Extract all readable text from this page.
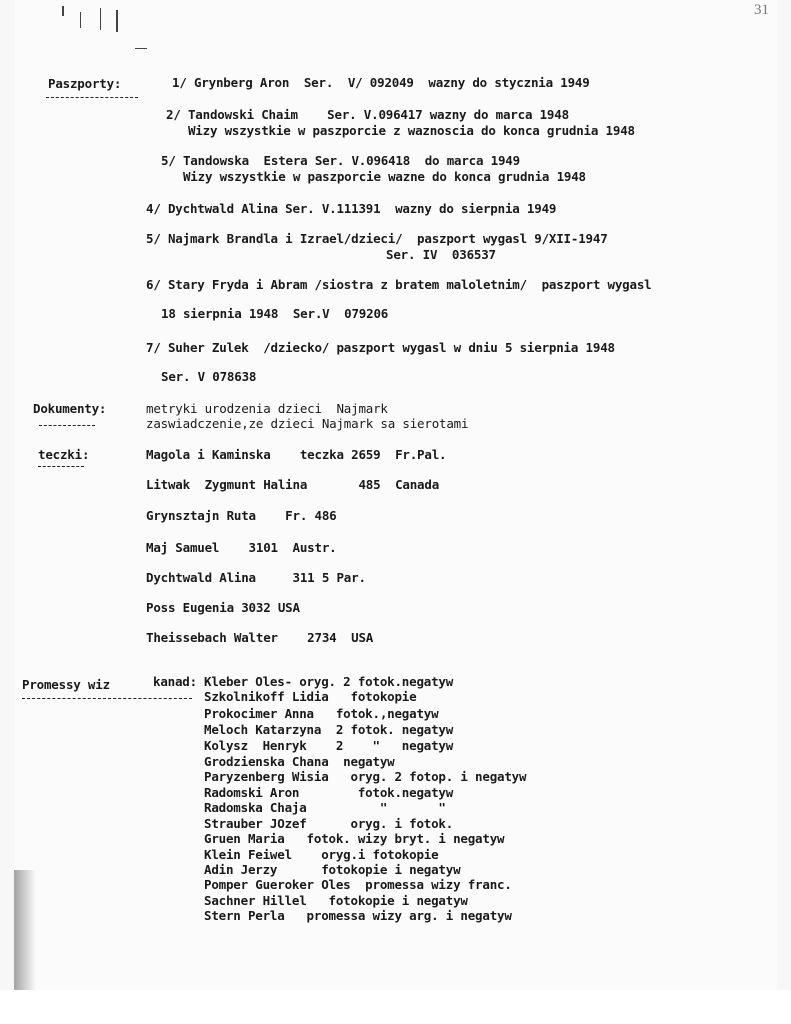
31
Paszporty:	1/ Grynberg Aron  Ser.  V/ 092049  wazny do stycznia 1949
2/ Tandowski Chaim    Ser. V.096417 wazny do marca 1948
Wizy wszystkie w paszporcie z waznoscia do konca grudnia 1948
5/ Tandowska  Estera Ser. V.096418  do marca 1949
Wizy wszystkie w paszporcie wazne do konca grudnia 1948
4/ Dychtwald Alina Ser. V.111391  wazny do sierpnia 1949
5/ Najmark Brandla i Izrael/dzieci/  paszport wygasl 9/XII-1947
Ser. IV  036537
6/ Stary Fryda i Abram /siostra z bratem maloletnim/  paszport wygasl
18 sierpnia 1948  Ser.V  079206
7/ Suher Zulek  /dziecko/ paszport wygasl w dniu 5 sierpnia 1948
Ser. V 078638
Dokumenty:	metryki urodzenia dzieci  Najmark
zaswiadczenie,ze dzieci Najmark sa sierotami
teczki:	Magola i Kaminska    teczka 2659  Fr.Pal.
Litwak  Zygmunt Halina       485  Canada
Grynsztajn Ruta    Fr. 486
Maj Samuel    3101  Austr.
Dychtwald Alina     311 5 Par.
Poss Eugenia 3032 USA
Theissebach Walter    2734  USA
Promessy wiz	kanad: Kleber Oles- oryg. 2 fotok.negatyw
Szkolnikoff Lidia   fotokopie
Prokocimer Anna   fotok.,negatyw
Meloch Katarzyna  2 fotok. negatyw
Kolysz  Henryk    2    "   negatyw
Grodzienska Chana  negatyw
Paryzenberg Wisia   oryg. 2 fotop. i negatyw
Radomski Aron        fotok.negatyw
Radomska Chaja          "       "
Strauber JOzef      oryg. i fotok.
Gruen Maria   fotok. wizy bryt. i negatyw
Klein Feiwel    oryg.i fotokopie
Adin Jerzy      fotokopie i negatyw
Pomper Gueroker Oles  promessa wizy franc.
Sachner Hillel   fotokopie i negatyw
Stern Perla   promessa wizy arg. i negatyw
